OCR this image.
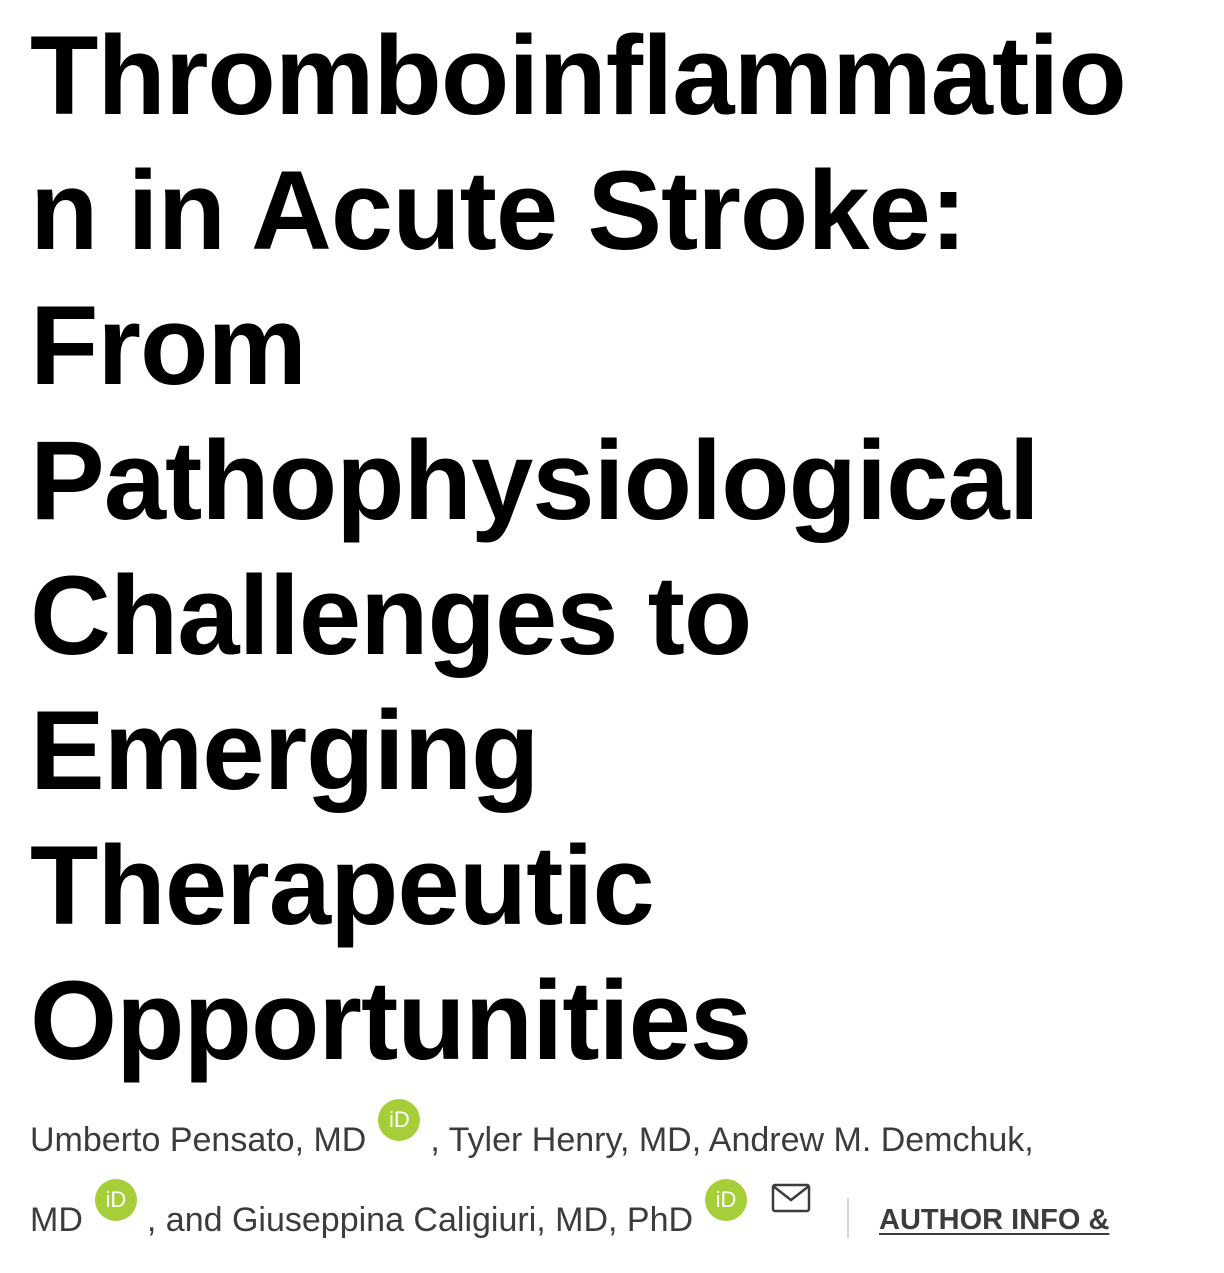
Thromboinflammatio
n in Acute Stroke:
From
Pathophysiological
Challenges to
Emerging
Therapeutic
Opportunities
Umberto Pensato, MDiD, Tyler Henry, MD, Andrew M. Demchuk,
MDiD, and Giuseppina Caligiuri, MD, PhDiDAUTHOR INFO &
